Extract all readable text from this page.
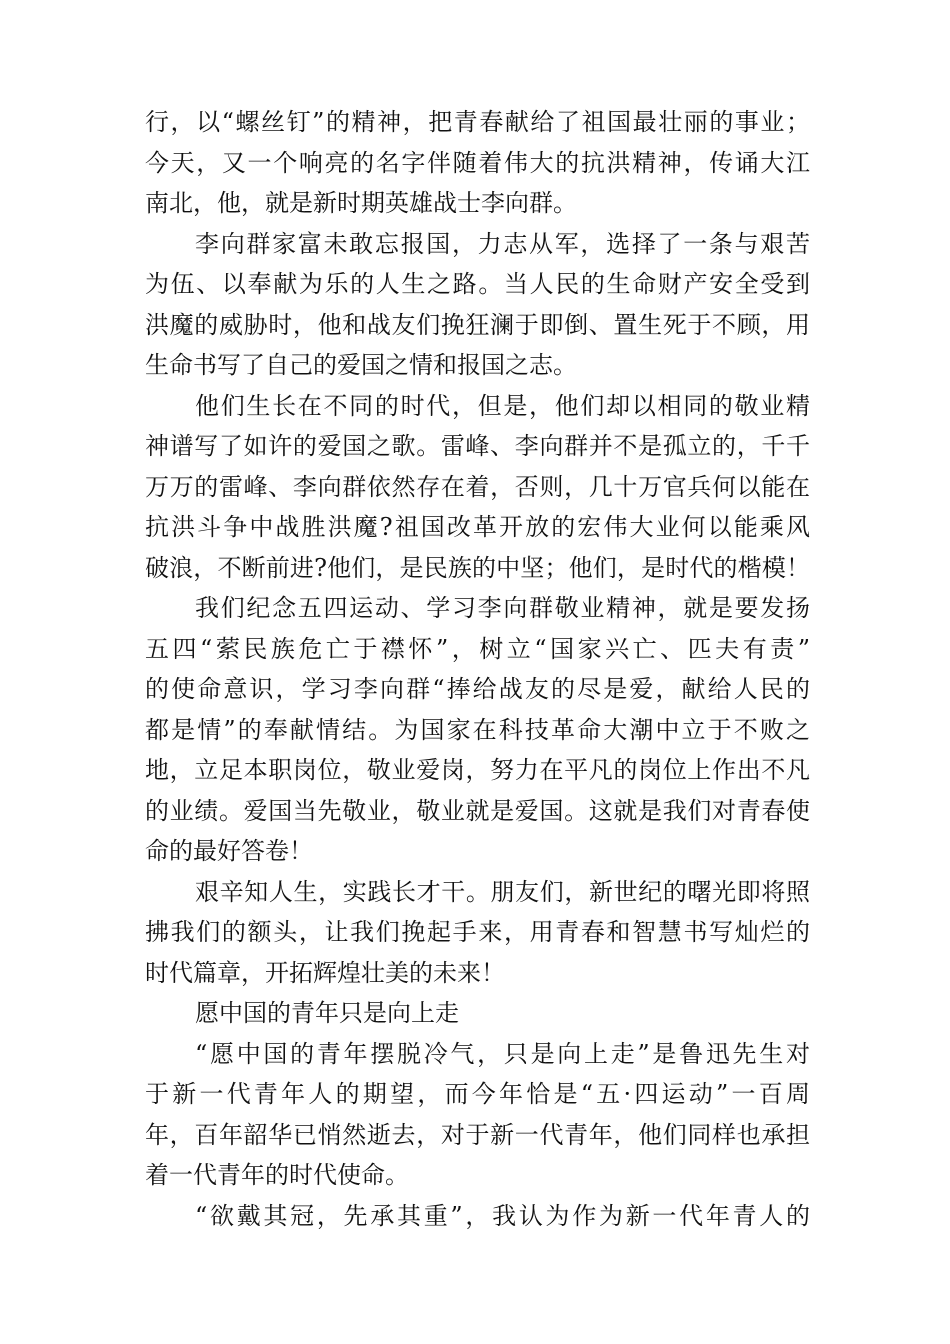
行，以“螺丝钉”的精神，把青春献给了祖国最壮丽的事业；
今天，又一个响亮的名字伴随着伟大的抗洪精神，传诵大江
南北，他，就是新时期英雄战士李向群。
李向群家富未敢忘报国，力志从军，选择了一条与艰苦
为伍、以奉献为乐的人生之路。当人民的生命财产安全受到
洪魔的威胁时，他和战友们挽狂澜于即倒、置生死于不顾，用
生命书写了自己的爱国之情和报国之志。
他们生长在不同的时代，但是，他们却以相同的敬业精
神谱写了如许的爱国之歌。雷峰、李向群并不是孤立的，千千
万万的雷峰、李向群依然存在着，否则，几十万官兵何以能在
抗洪斗争中战胜洪魔?祖国改革开放的宏伟大业何以能乘风
破浪，不断前进?他们，是民族的中坚；他们，是时代的楷模！
我们纪念五四运动、学习李向群敬业精神，就是要发扬
五四“萦民族危亡于襟怀”，树立“国家兴亡、匹夫有责”
的使命意识，学习李向群“捧给战友的尽是爱，献给人民的
都是情”的奉献情结。为国家在科技革命大潮中立于不败之
地，立足本职岗位，敬业爱岗，努力在平凡的岗位上作出不凡
的业绩。爱国当先敬业，敬业就是爱国。这就是我们对青春使
命的最好答卷！
艰辛知人生，实践长才干。朋友们，新世纪的曙光即将照
拂我们的额头，让我们挽起手来，用青春和智慧书写灿烂的
时代篇章，开拓辉煌壮美的未来！
愿中国的青年只是向上走
“愿中国的青年摆脱冷气，只是向上走”是鲁迅先生对
于新一代青年人的期望，而今年恰是“五·四运动”一百周
年，百年韶华已悄然逝去，对于新一代青年，他们同样也承担
着一代青年的时代使命。
“欲戴其冠，先承其重”，我认为作为新一代年青人的
